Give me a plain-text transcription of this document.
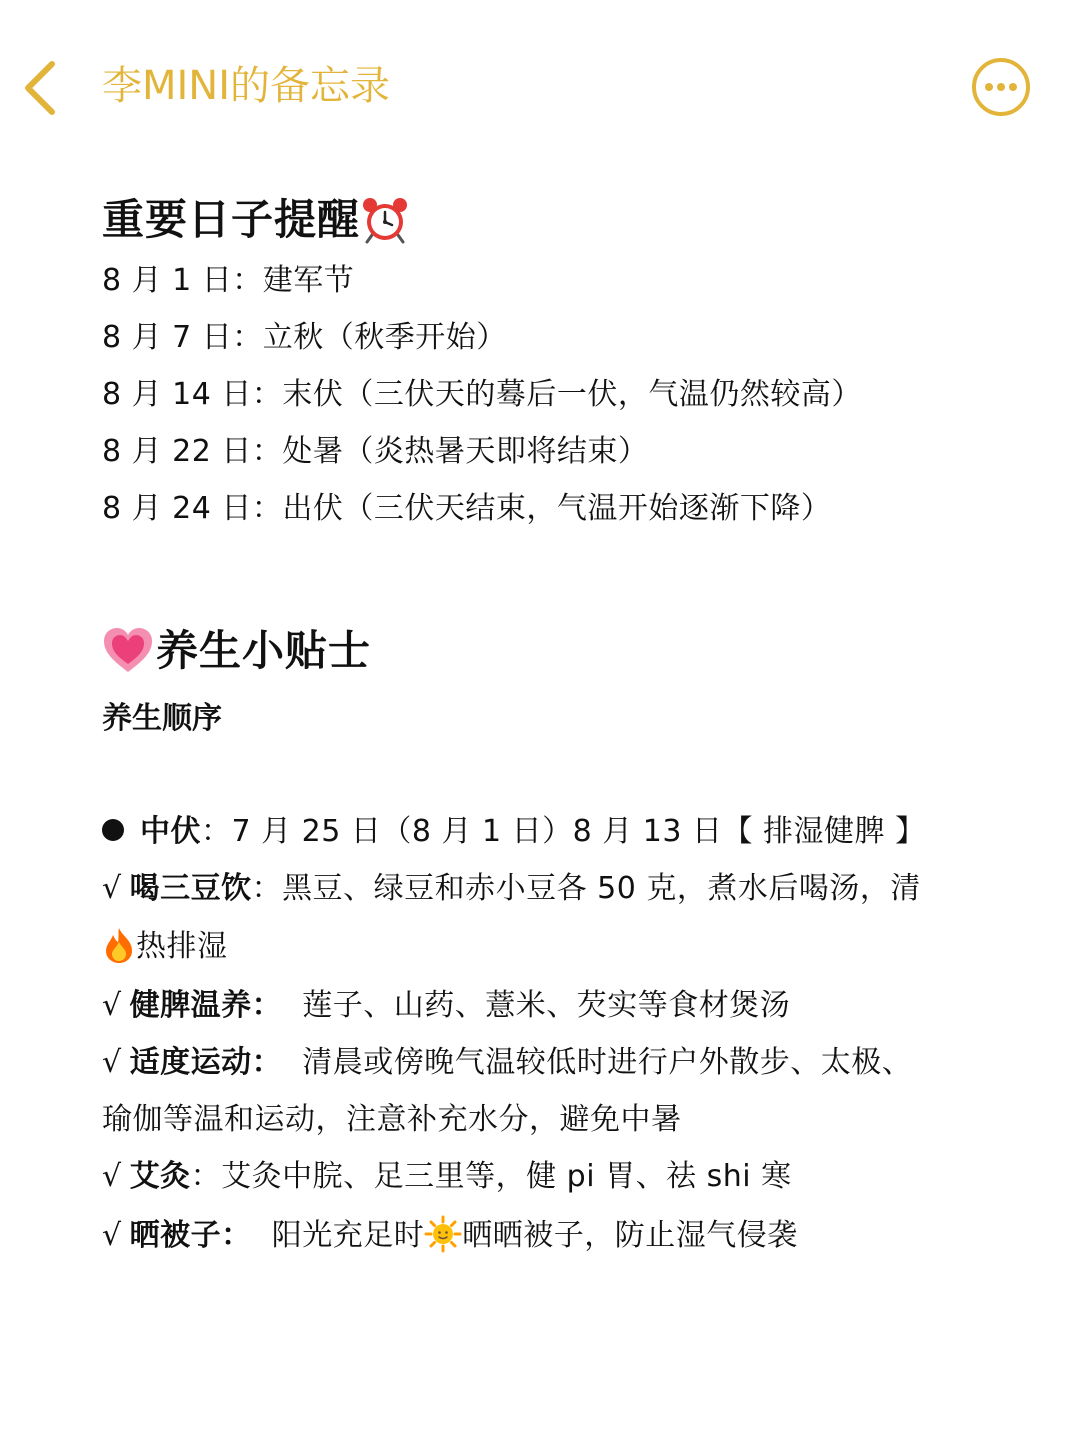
李MINI的备忘录
重要日子提醒
8 月 1 日：建军节
8 月 7 日：立秋（秋季开始）
8 月 14 日：末伏（三伏天的蓦后一伏，气温仍然较高）
8 月 22 日：处暑（炎热暑天即将结束）
8 月 24 日：出伏（三伏天结束，气温开始逐渐下降）
养生小贴士
养生顺序
中伏：7 月 25 日（8 月 1 日）8 月 13 日【 排湿健脾 】
√ 喝三豆饮：黑豆、绿豆和赤小豆各 50 克，煮水后喝汤，清
热排湿
√ 健脾温养：  莲子、山药、薏米、芡实等食材煲汤
√ 适度运动：  清晨或傍晚气温较低时进行户外散步、太极、
瑜伽等温和运动，注意补充水分，避免中暑
√ 艾灸：艾灸中脘、足三里等，健 pi 胃、祛 shi 寒
√ 晒被子：  阳光充足时 晒晒被子，防止湿气侵袭
